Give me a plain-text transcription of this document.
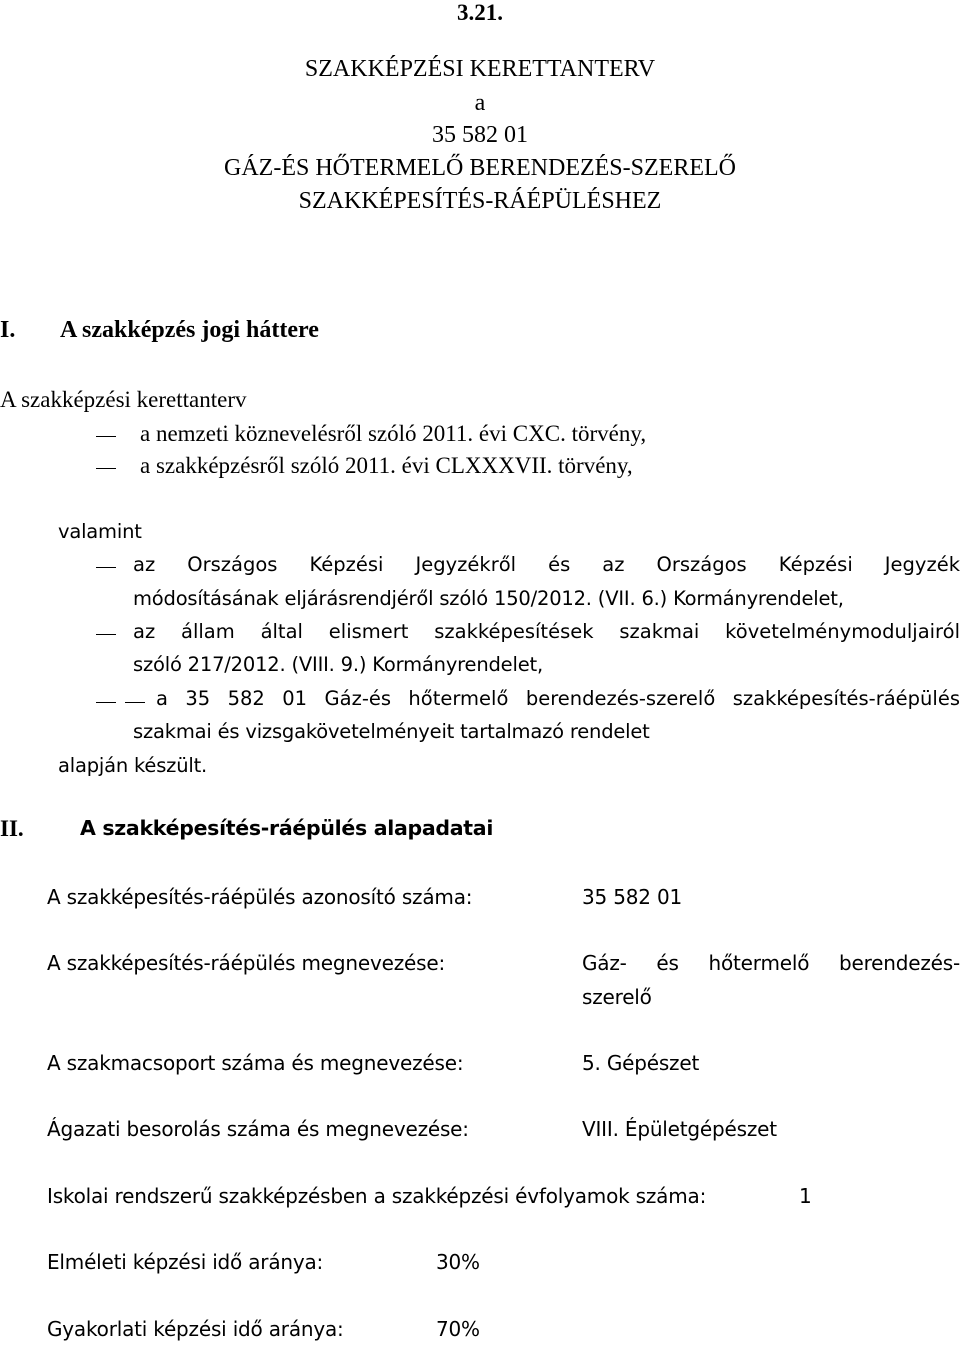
3.21.
SZAKKÉPZÉSI KERETTANTERV
a
35 582 01
GÁZ-ÉS HŐTERMELŐ BERENDEZÉS-SZERELŐ
SZAKKÉPESÍTÉS-RÁÉPÜLÉSHEZ
I. A szakképzés jogi háttere
A szakképzési kerettanterv
a nemzeti köznevelésről szóló 2011. évi CXC. törvény,
a szakképzésről szóló 2011. évi CLXXXVII. törvény,
valamint
az Országos Képzési Jegyzékről és az Országos Képzési Jegyzék
módosításának eljárásrendjéről szóló 150/2012. (VII. 6.) Kormányrendelet,
az állam által elismert szakképesítések szakmai követelménymoduljairól
szóló 217/2012. (VIII. 9.) Kormányrendelet,
a 35 582 01 Gáz-és hőtermelő berendezés-szerelő szakképesítés-ráépülés
szakmai és vizsgakövetelményeit tartalmazó rendelet
alapján készült.
II.	A szakképesítés-ráépülés alapadatai
A szakképesítés-ráépülés azonosító száma:	35 582 01
A szakképesítés-ráépülés megnevezése:	Gáz- és hőtermelő berendezés-
szerelő
A szakmacsoport száma és megnevezése:	5. Gépészet
Ágazati besorolás száma és megnevezése:	VIII. Épületgépészet
Iskolai rendszerű szakképzésben a szakképzési évfolyamok száma:	1
Elméleti képzési idő aránya:	30%
Gyakorlati képzési idő aránya:	70%
